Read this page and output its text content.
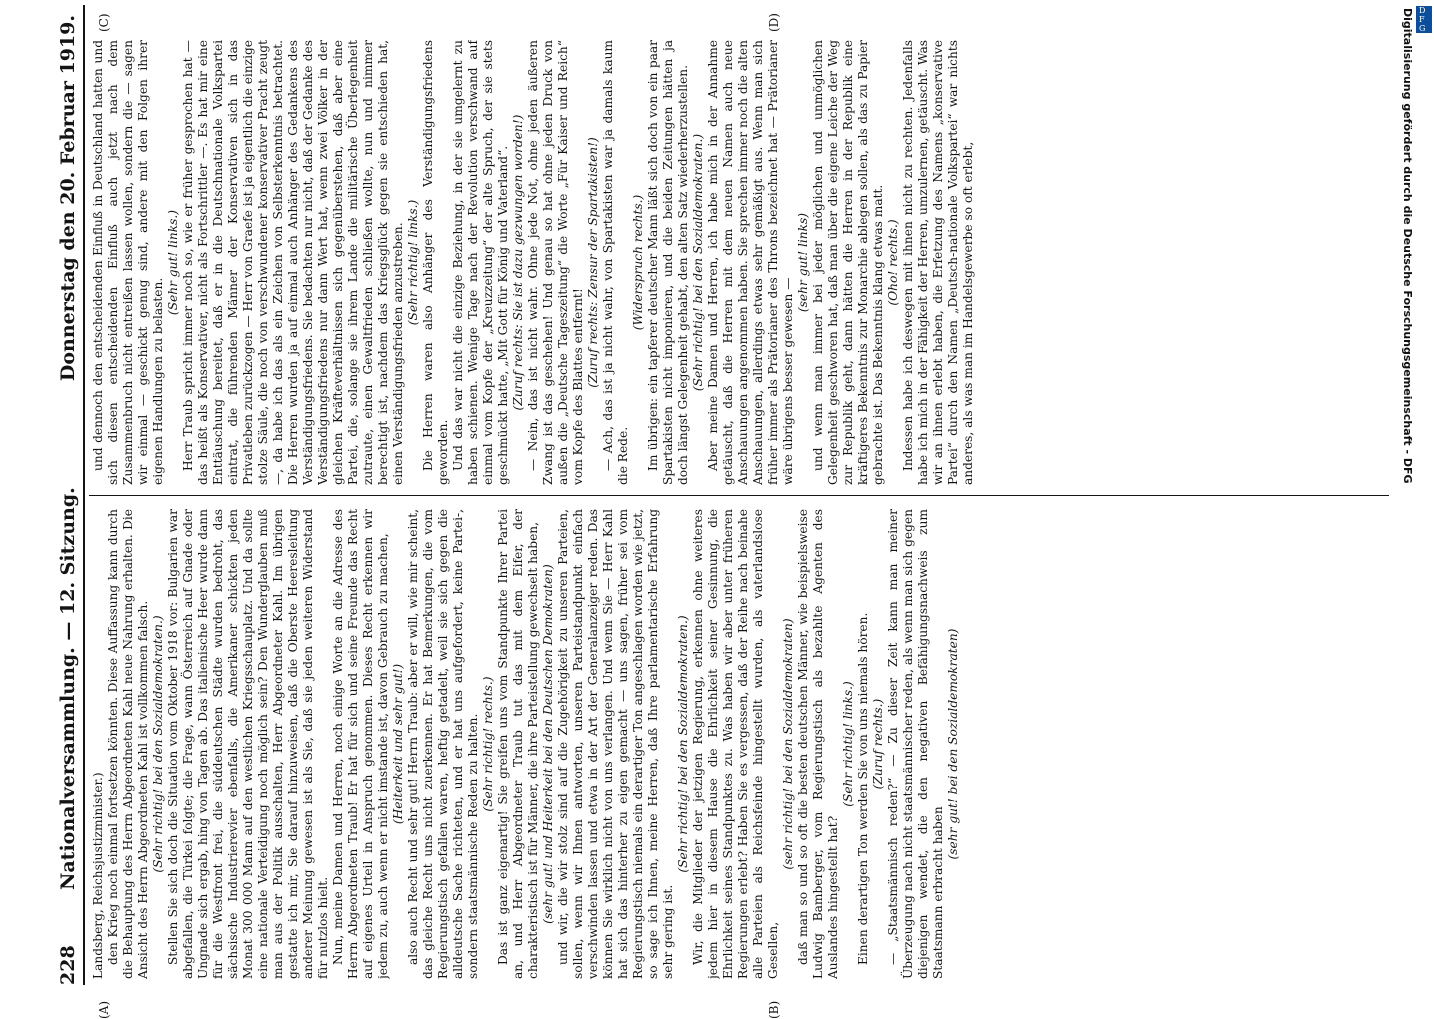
228
Nationalversammlung. — 12. Sitzung.
Donnerstag den 20. Februar 1919.
(A)	(B)
(C)	(D)

Landsberg, Reichsjustizminister.) den Krieg noch einmal fortsetzen könnten. Diese Auffassung kann durch die Behauptung des Herrn Abgeordneten Kahl neue Nahrung erhalten. Die Ansicht des Herrn Abgeordneten Kahl ist vollkommen falsch. (Sehr richtig! bei den Sozialdemokraten.) Stellen Sie sich doch die Situation vom Oktober 1918 vor: Bulgarien war abgefallen, die Türkei folgte; die Frage, wann Österreich auf Gnade oder Ungnade sich ergab, hing von Tagen ab. Das italienische Heer wurde dann für die Westfront frei, die süddeutschen Städte wurden bedroht, das sächsische Industrierevier ebenfalls, die Amerikaner schickten jeden Monat 300 000 Mann auf den westlichen Kriegsschauplatz. Und da sollte eine nationale Verteidigung noch möglich sein? Den Wunderglauben muß man aus der Politik ausschalten, Herr Abgeordneter Kahl. Im übrigen gestatte ich mir, Sie darauf hinzuweisen, daß die Oberste Heeresleitung anderer Meinung gewesen ist als Sie, daß sie jeden weiteren Widerstand für nutzlos hielt. Nun, meine Damen und Herren, noch einige Worte an die Adresse des Herrn Abgeordneten Traub! Er hat für sich und seine Freunde das Recht auf eigenes Urteil in Anspruch genommen. Dieses Recht erkennen wir jedem zu, auch wenn er nicht imstande ist, davon Gebrauch zu machen, (Heiterkeit und sehr gut!) also auch Recht und sehr gut! Herrn Traub: aber er will, wie mir scheint, das gleiche Recht uns nicht zuerkennen. Er hat Bemerkungen, die vom Regierungstisch gefallen waren, heftig getadelt, weil sie sich gegen die alldeutsche Sache richteten, und er hat uns aufgefordert, keine Partei-, sondern staatsmännische Reden zu halten. (Sehr richtig! rechts.) Das ist ganz eigenartig! Sie greifen uns vom Standpunkte Ihrer Partei an, und Herr Abgeordneter Traub tut das mit dem Eifer, der charakteristisch ist für Männer, die ihre Parteistellung gewechselt haben, (sehr gut! und Heiterkeit bei den Deutschen Demokraten) und wir, die wir stolz sind auf die Zugehörigkeit zu unseren Parteien, sollen, wenn wir Ihnen antworten, unseren Parteistandpunkt einfach verschwinden lassen und etwa in der Art der Generalanzeiger reden. Das können Sie wirklich nicht von uns verlangen. Und wenn Sie — Herr Kahl hat sich das hinterher zu eigen gemacht — uns sagen, früher sei vom Regierungstisch niemals ein derartiger Ton angeschlagen worden wie jetzt, so sage ich Ihnen, meine Herren, daß Ihre parlamentarische Erfahrung sehr gering ist.

(Sehr richtig! bei den Sozialdemokraten.) Wir, die Mitglieder der jetzigen Regierung, erkennen ohne weiteres jedem hier in diesem Hause die Ehrlichkeit seiner Gesinnung, die Ehrlichkeit seines Standpunktes zu. Was haben wir aber unter früheren Regierungen erlebt? Haben Sie es vergessen, daß der Reihe nach beinahe alle Parteien als Reichsfeinde hingestellt wurden, als vaterlandslose Gesellen,

(sehr richtig! bei den Sozialdemokraten) daß man so und so oft die besten deutschen Männer, wie beispielsweise Ludwig Bamberger, vom Regierungstisch als bezahlte Agenten des Auslandes hingestellt hat?

(Sehr richtig! links.) Einen derartigen Ton werden Sie von uns niemals hören. (Zuruf rechts.) — „Staatsmännisch reden?“ — Zu dieser Zeit kann man meiner Überzeugung nach nicht staatsmännischer reden, als wenn man sich gegen diejenigen wendet, die den negativen Befähigungsnachweis zum Staatsmann erbracht haben

(sehr gut! bei den Sozialdemokraten)

und dennoch den entscheidenden Einfluß in Deutschland hatten und sich diesen entscheidenden Einfluß auch jetzt nach dem Zusammenbruch nicht entreißen lassen wollen, sondern die — sagen wir einmal — geschickt genug sind, andere mit den Folgen ihrer eigenen Handlungen zu belasten.

(Sehr gut! links.) Herr Traub spricht immer noch so, wie er früher gesprochen hat — das heißt als Konservativer, nicht als Fortschrittler —. Es hat mir eine Enttäuschung bereitet, daß er in die Deutschnationale Volkspartei eintrat, die führenden Männer der Konservativen sich in das Privatleben zurückzogen — Herr von Graefe ist ja eigentlich die einzige stolze Säule, die noch von verschwundener konservativer Pracht zeugt —, da habe ich das als ein Zeichen von Selbsterkenntnis betrachtet. Die Herren wurden ja auf einmal auch Anhänger des Gedankens des Verständigungsfriedens. Sie bedachten nur nicht, daß der Gedanke des Verständigungsfriedens nur dann Wert hat, wenn zwei Völker in der gleichen Kräfteverhältnissen sich gegenüberstehen, daß aber eine Partei, die, solange sie ihrem Lande die militärische Überlegenheit zutraute, einen Gewaltfrieden schließen wollte, nun und nimmer berechtigt ist, nachdem das Kriegsglück gegen sie entschieden hat, einen Verständigungsfrieden anzustreben. (Sehr richtig! links.) Die Herren waren also Anhänger des Verständigungsfriedens geworden. Und das war nicht die einzige Beziehung, in der sie umgelernt zu haben schienen. Wenige Tage nach der Revolution verschwand auf einmal vom Kopfe der „Kreuzzeitung“ der alte Spruch, der sie stets geschmückt hatte, „Mit Gott für König und Vaterland“. (Zuruf rechts: Sie ist dazu gezwungen worden!) — Nein, das ist nicht wahr. Ohne jede Not, ohne jeden äußeren Zwang ist das geschehen! Und genau so hat ohne jeden Druck von außen die „Deutsche Tageszeitung“ die Worte „Für Kaiser und Reich“ vom Kopfe des Blattes entfernt! (Zuruf rechts: Zensur der Spartakisten!) — Ach, das ist ja nicht wahr, von Spartakisten war ja damals kaum die Rede.

(Widerspruch rechts.) Im übrigen: ein tapferer deutscher Mann läßt sich doch von ein paar Spartakisten nicht imponieren, und die beiden Zeitungen hätten ja doch längst Gelegenheit gehabt, den alten Satz wiederherzustellen. (Sehr richtig! bei den Sozialdemokraten.) Aber meine Damen und Herren, ich habe mich in der Annahme getäuscht, daß die Herren mit dem neuen Namen auch neue Anschauungen angenommen haben. Sie sprechen immer noch die alten Anschauungen, allerdings etwas sehr gemäßigt aus. Wenn man sich früher immer als Prätorianer des Throns bezeichnet hat — Prätorianer wäre übrigens besser gewesen —

(sehr gut! links) und wenn man immer bei jeder möglichen und unmöglichen Gelegenheit geschworen hat, daß man über die eigene Leiche der Weg zur Republik geht, dann hätten die Herren in der Republik eine kräftigeres Bekenntnis zur Monarchie ablegen sollen, als das zu Papier gebrachte ist. Das Bekenntnis klang etwas matt. (Oho! rechts.) Indessen habe ich deswegen mit ihnen nicht zu rechten. Jedenfalls habe ich mich in der Fähigkeit der Herren, umzulernen, getäuscht. Was wir an ihnen erlebt haben, die Erfetzung des Namens „konservative Partei“ durch den Namen „Deutsch-nationale Volkspartei“ war nichts anderes, als was man im Handelsgewerbe so oft erlebt,	Digitalisierung gefördert durch die Deutsche Forschungsgemeinschaft - DFG DFG
